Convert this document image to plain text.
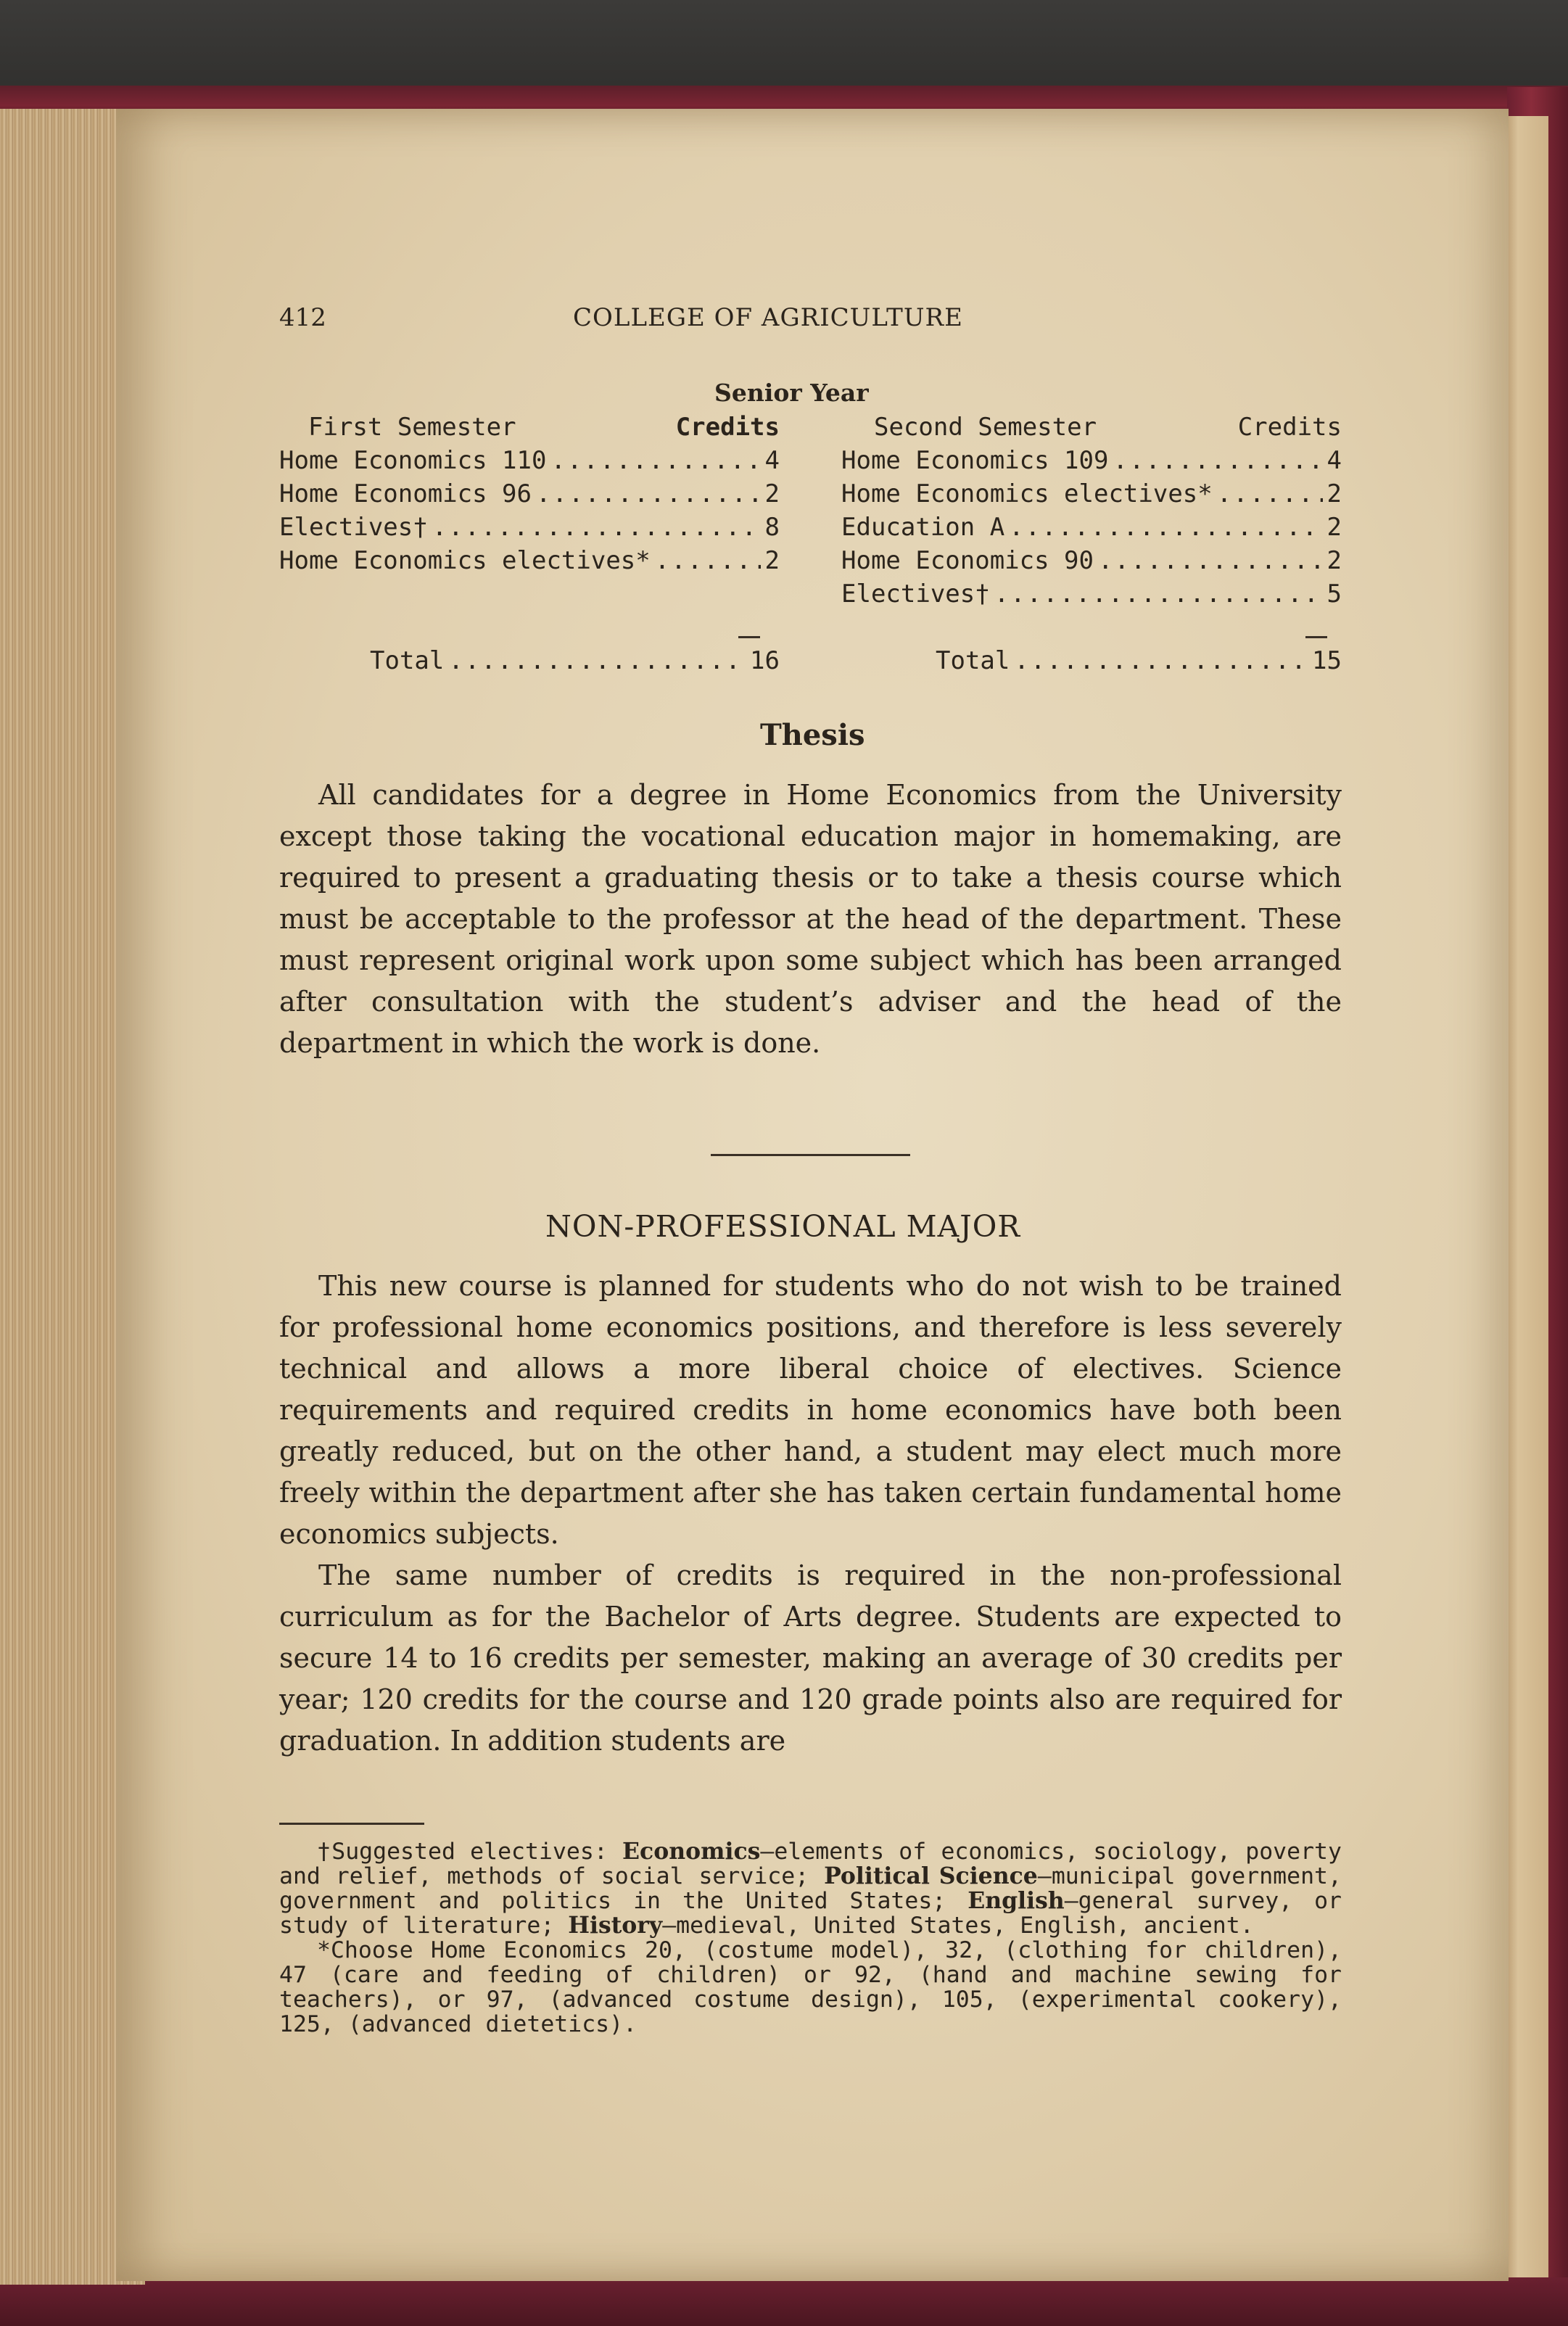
412	COLLEGE OF AGRICULTURE
Senior Year
First Semester	Credits
Home Economics 110 .....	4
Home Economics 96 .....	2
Electives† .....	8
Home Economics electives* .....	2
Second Semester	Credits
Home Economics 109 .....	4
Home Economics electives* .....	2
Education A .....	2
Home Economics 90 .....	2
Electives† .....	5
Total .....	16	Total .....	15
Thesis

All candidates for a degree in Home Economics from the University except those taking the vocational education major in homemaking, are required to present a graduating thesis or to take a thesis course which must be acceptable to the professor at the head of the department. These must represent original work upon some subject which has been arranged after consultation with the student’s adviser and the head of the department in which the work is done.

NON-PROFESSIONAL MAJOR

This new course is planned for students who do not wish to be trained for professional home economics positions, and therefore is less severely technical and allows a more liberal choice of electives. Science requirements and required credits in home economics have both been greatly reduced, but on the other hand, a student may elect much more freely within the department after she has taken certain fundamental home economics subjects.

The same number of credits is required in the non-professional curriculum as for the Bachelor of Arts degree. Students are expected to secure 14 to 16 credits per semester, making an average of 30 credits per year; 120 credits for the course and 120 grade points also are required for graduation. In addition students are

†Suggested electives: Economics—elements of economics, sociology, poverty and relief, methods of social service; Political Science—municipal government, government and politics in the United States; English—general survey, or study of literature; History—medieval, United States, English, ancient.

*Choose Home Economics 20, (costume model), 32, (clothing for children), 47 (care and feeding of children) or 92, (hand and machine sewing for teachers), or 97, (advanced costume design), 105, (experimental cookery), 125, (advanced dietetics).
